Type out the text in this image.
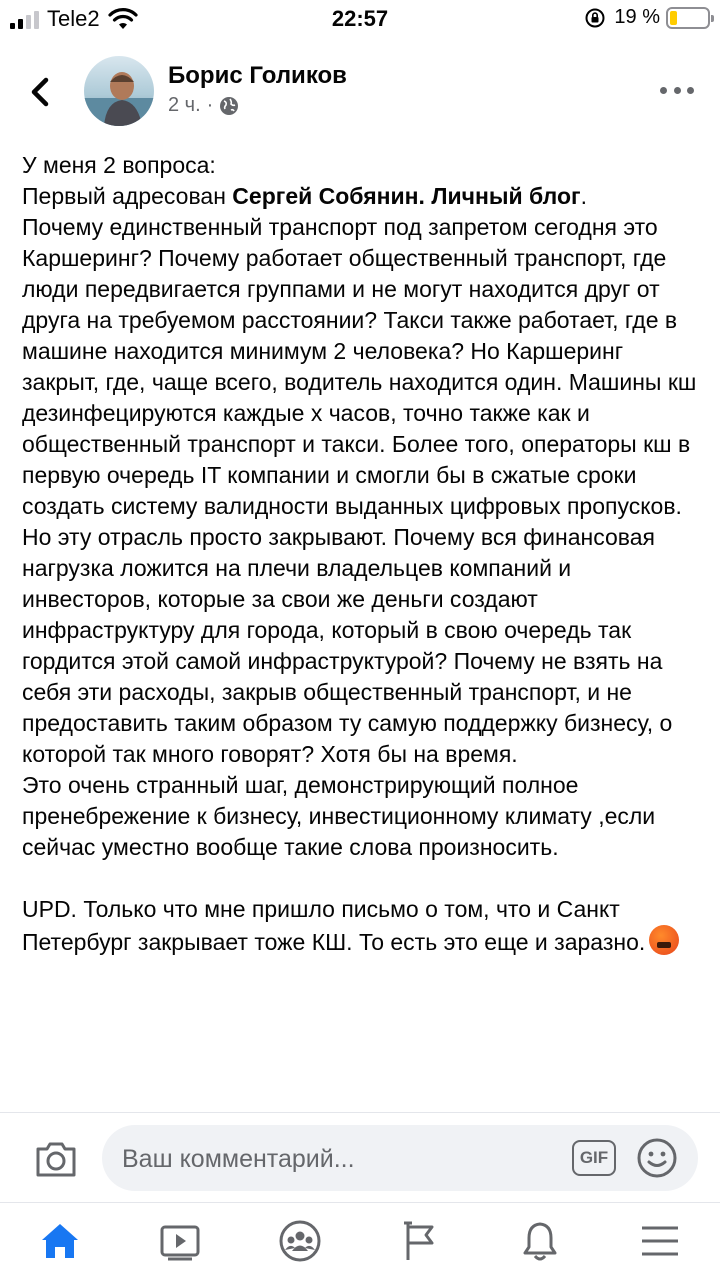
Tele2	22:57	19 %
Борис Голиков
2 ч. ·

У меня 2 вопроса:

Первый адресован Сергей Собянин. Личный блог.

Почему единственный транспорт под запретом сегодня это Каршеринг? Почему работает общественный транспорт, где люди передвигается группами и не могут находится друг от друга на требуемом расстоянии? Такси также работает, где в машине находится минимум 2 человека? Но Каршеринг закрыт, где, чаще всего, водитель находится один. Машины кш дезинфецируются каждые х часов, точно также как и общественный транспорт и такси. Более того, операторы кш в первую очередь IT компании и смогли бы в сжатые сроки создать систему валидности выданных цифровых пропусков. Но эту отрасль просто закрывают. Почему вся финансовая нагрузка ложится на плечи владельцев компаний и инвесторов, которые за свои же деньги создают инфраструктуру для города, который в свою очередь так гордится этой самой инфраструктурой? Почему не взять на себя эти расходы, закрыв общественный транспорт, и не предоставить таким образом ту самую поддержку бизнесу, о которой так много говорят? Хотя бы на время.

Это очень странный шаг, демонстрирующий полное пренебрежение к бизнесу, инвестиционному климату ,если сейчас уместно вообще такие слова произносить.

UPD. Только что мне пришло письмо о том, что и Санкт Петербург закрывает тоже КШ. То есть это еще и заразно.

Ваш комментарий...	GIF
